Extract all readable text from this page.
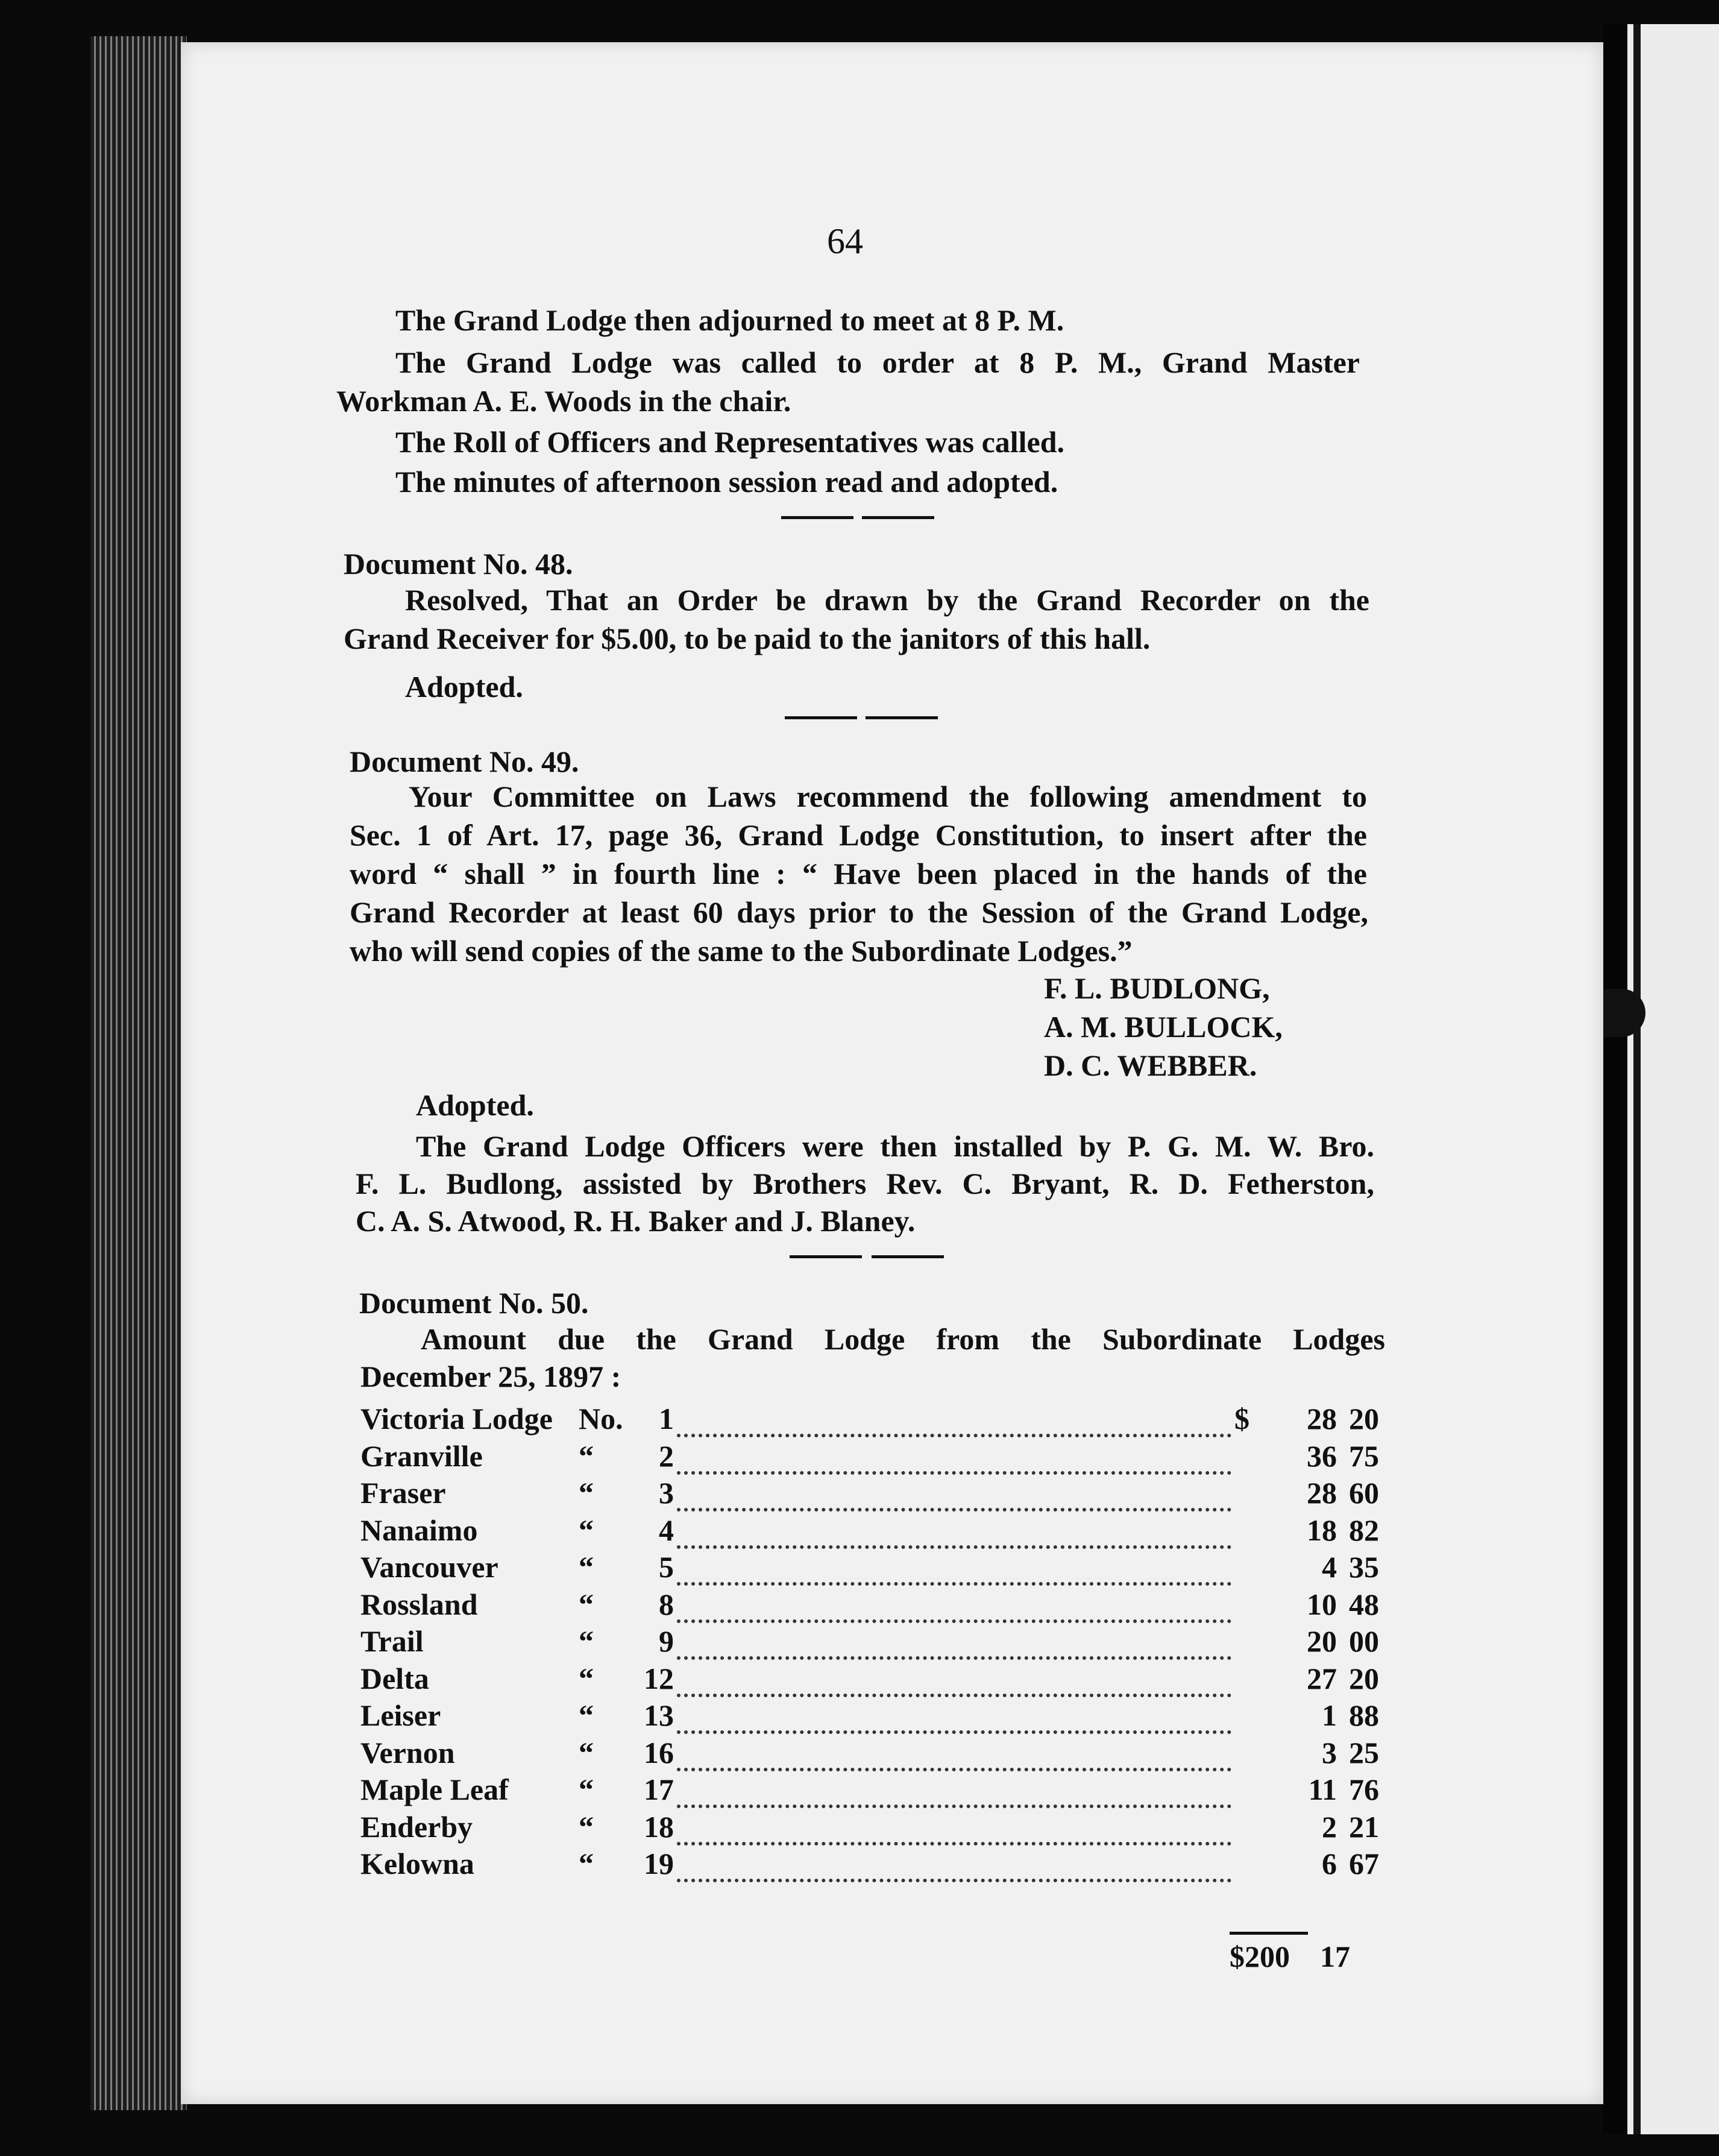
64
The Grand Lodge then adjourned to meet at 8 P. M.
The Grand Lodge was called to order at 8 P. M., Grand Master
Workman A. E. Woods in the chair.
The Roll of Officers and Representatives was called.
The minutes of afternoon session read and adopted.
Document No. 48.
Resolved, That an Order be drawn by the Grand Recorder on the
Grand Receiver for $5.00, to be paid to the janitors of this hall.
Adopted.
Document No. 49.
Your Committee on Laws recommend the following amendment to
Sec. 1 of Art. 17, page 36, Grand Lodge Constitution, to insert after the
word “ shall ” in fourth line : “ Have been placed in the hands of the
Grand Recorder at least 60 days prior to the Session of the Grand Lodge,
who will send copies of the same to the Subordinate Lodges.”
F. L. BUDLONG,
A. M. BULLOCK,
D. C. WEBBER.
Adopted.
The Grand Lodge Officers were then installed by P. G. M. W. Bro.
F. L. Budlong, assisted by Brothers Rev. C. Bryant, R. D. Fetherston,
C. A. S. Atwood, R. H. Baker and J. Blaney.
Document No. 50.
Amount due the Grand Lodge from the Subordinate Lodges
December 25, 1897 :
Victoria Lodge No.	1	$	28 20
Granville	“	2	36 75
Fraser	“	3	28 60
Nanaimo	“	4	18 82
Vancouver	“	5	4 35
Rossland	“	8	10 48
Trail	“	9	20 00
Delta	“	12	27 20
Leiser	“	13	1 88
Vernon	“	16	3 25
Maple Leaf “	17	11 76
Enderby	“	18	2 21
Kelowna	“	19	6 67
$200 17
